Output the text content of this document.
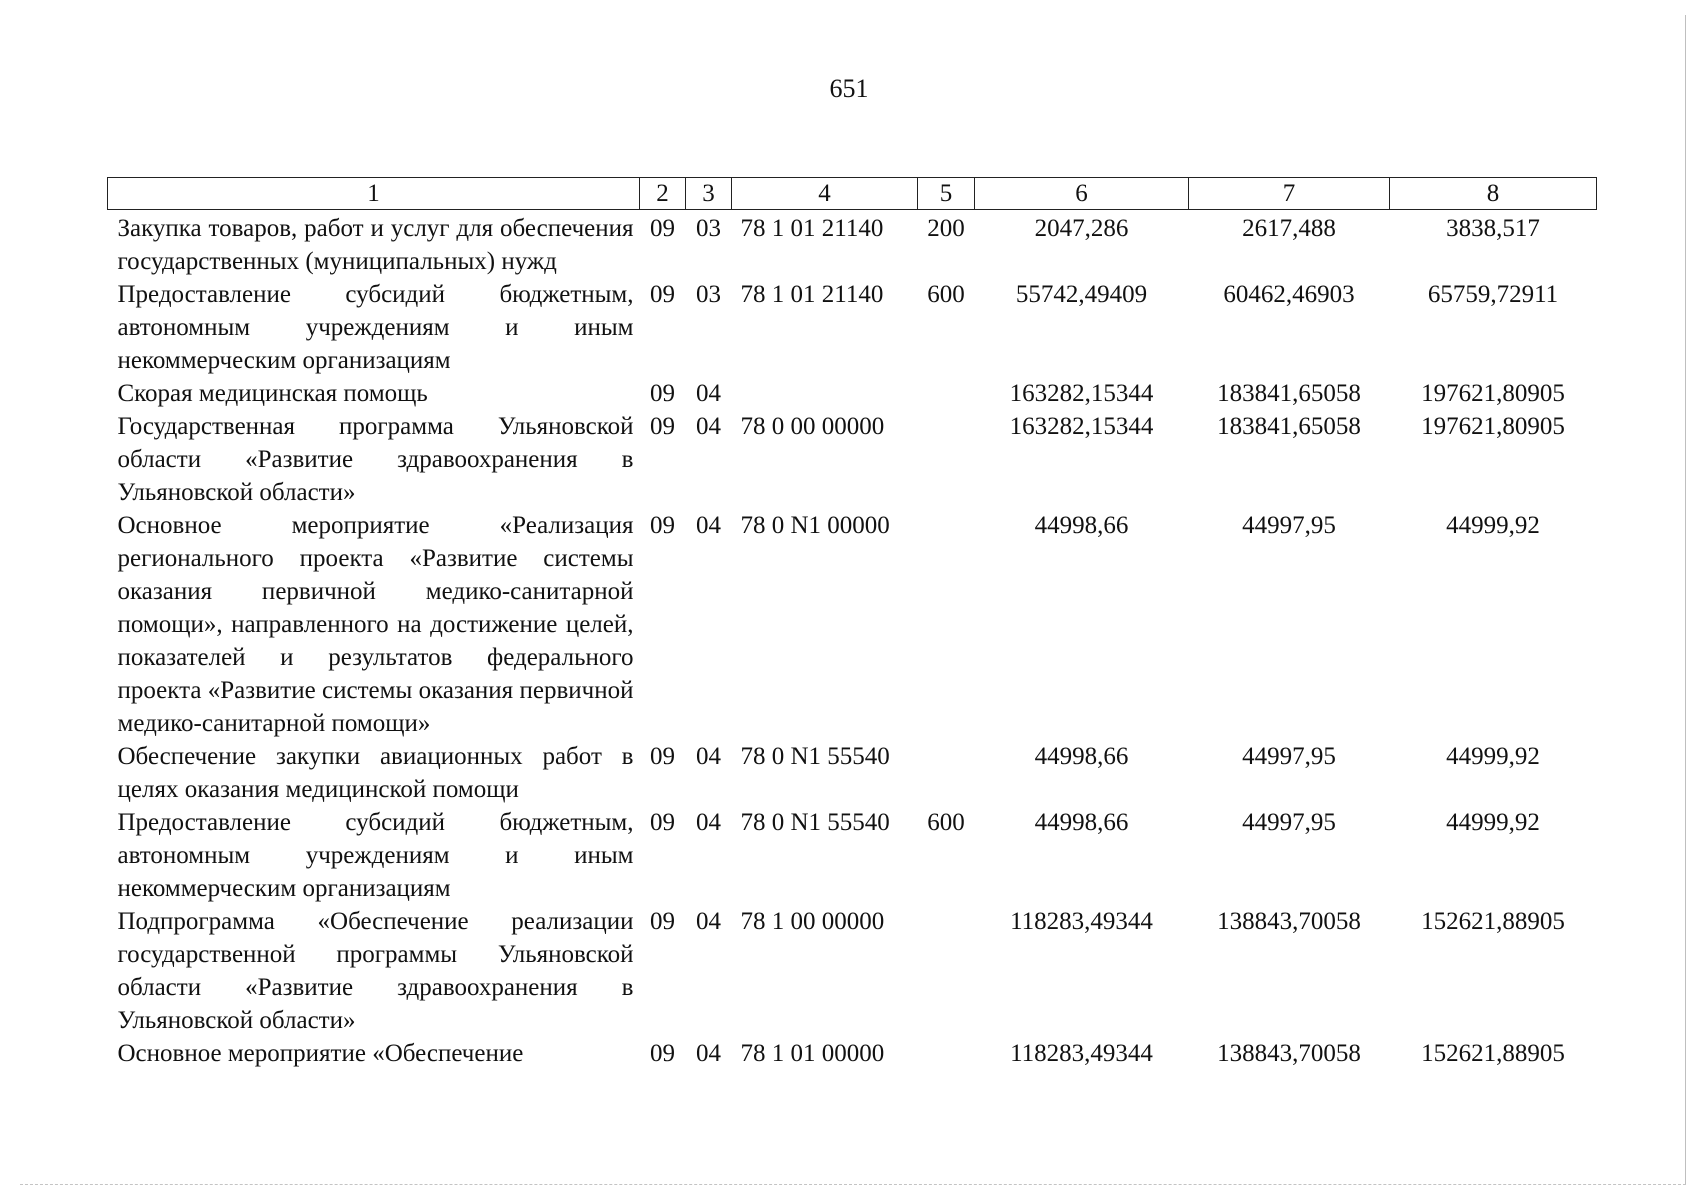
651
1	2	3	4	5	6	7	8
Закупка товаров, работ и услуг для обеспечения государственных (муниципальных) нужд	09	03	78 1 01 21140	200	2047,286	2617,488	3838,517
Предоставление субсидий бюджетным, автономным учреждениям и иным некоммерческим организациям	09	03	78 1 01 21140	600	55742,49409	60462,46903	65759,72911
Скорая медицинская помощь	09	04			163282,15344	183841,65058	197621,80905
Государственная программа Ульяновской области «Развитие здравоохранения в Ульяновской области»	09	04	78 0 00 00000		163282,15344	183841,65058	197621,80905
Основное мероприятие «Реализация регионального проекта «Развитие системы оказания первичной медико-санитарной помощи», направленного на достижение целей, показателей и результатов федерального проекта «Развитие системы оказания первичной медико-санитарной помощи»	09	04	78 0 N1 00000		44998,66	44997,95	44999,92
Обеспечение закупки авиационных работ в целях оказания медицинской помощи	09	04	78 0 N1 55540		44998,66	44997,95	44999,92
Предоставление субсидий бюджетным, автономным учреждениям и иным некоммерческим организациям	09	04	78 0 N1 55540	600	44998,66	44997,95	44999,92
Подпрограмма «Обеспечение реализации государственной программы Ульяновской области «Развитие здравоохранения в Ульяновской области»	09	04	78 1 00 00000		118283,49344	138843,70058	152621,88905
Основное мероприятие «Обеспечение	09	04	78 1 01 00000		118283,49344	138843,70058	152621,88905
